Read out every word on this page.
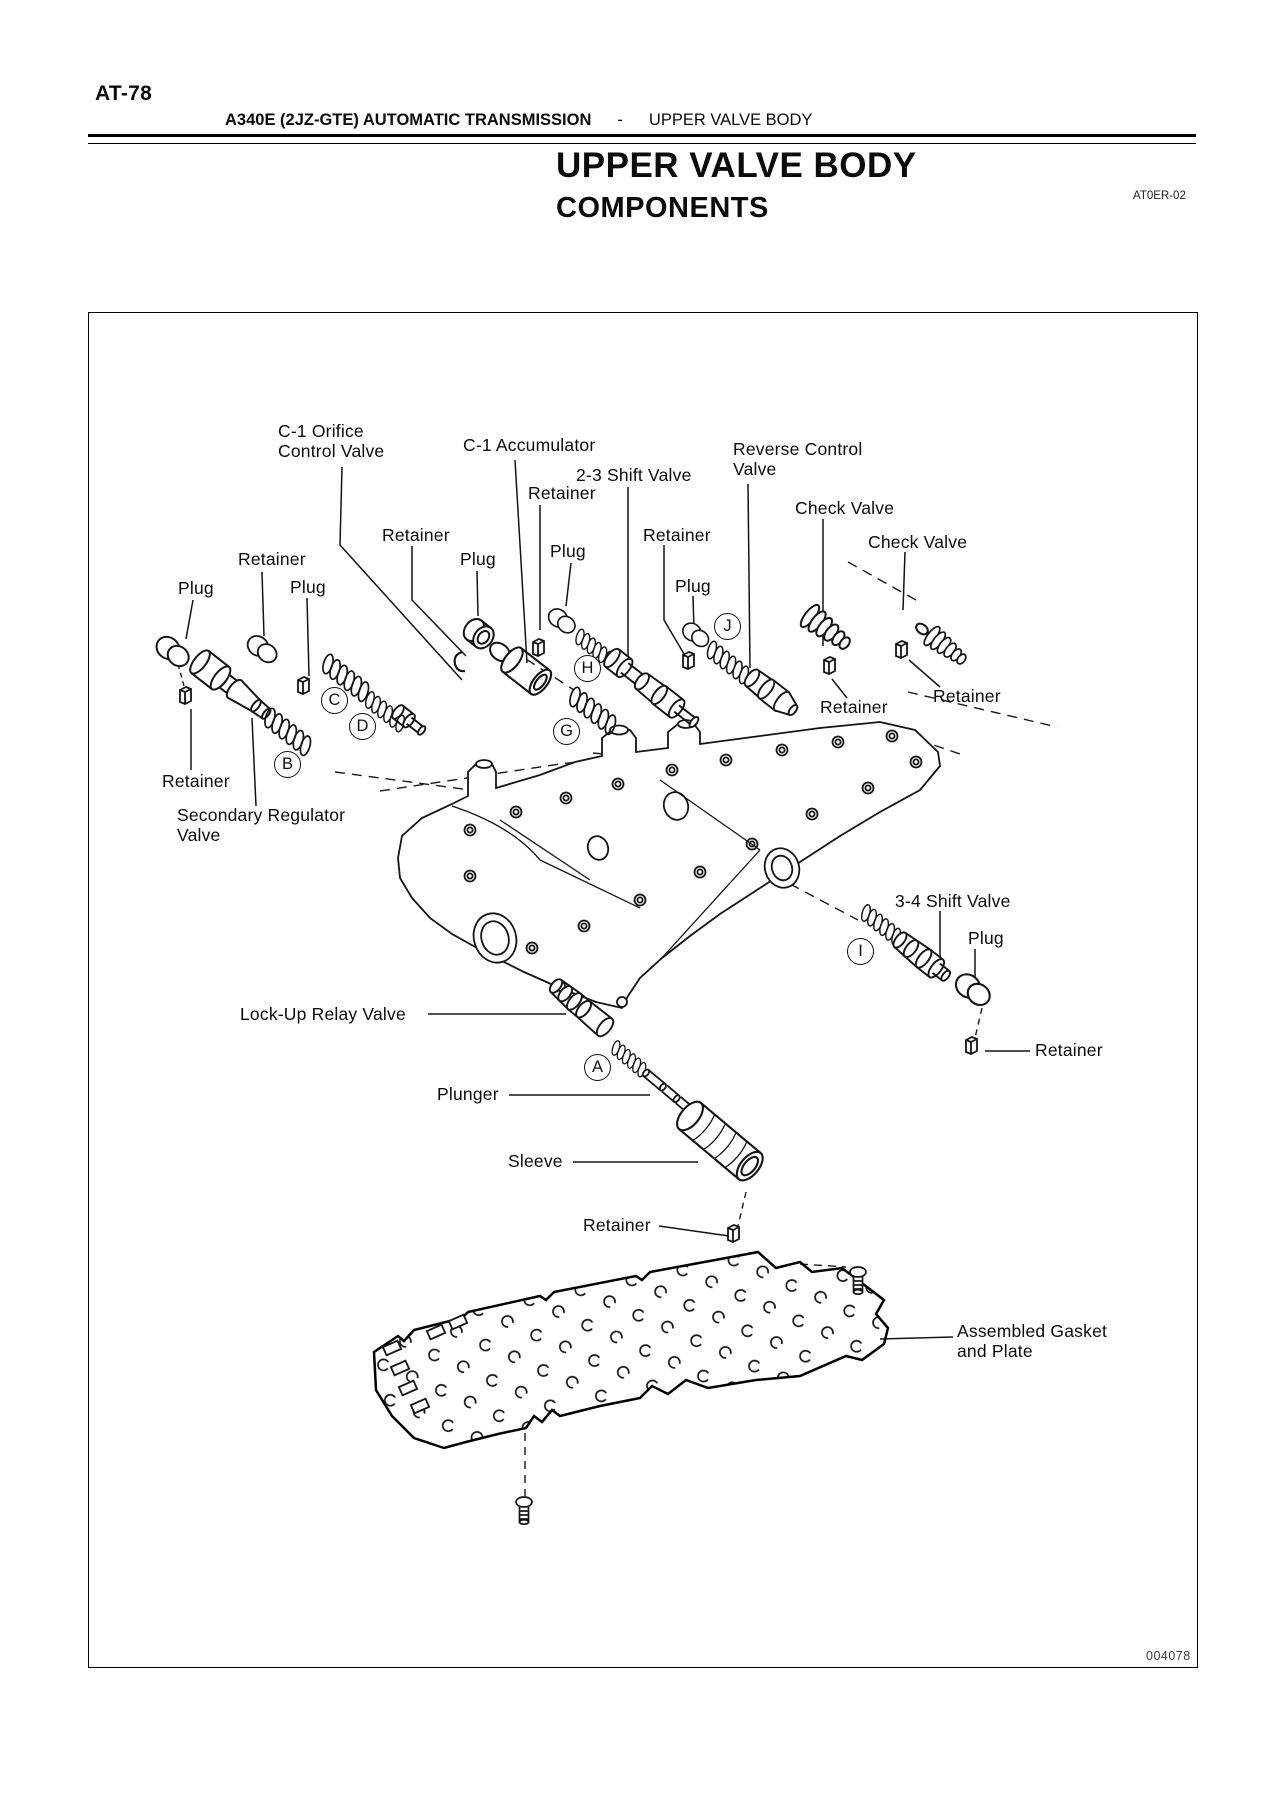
AT-78
A340E (2JZ-GTE) AUTOMATIC TRANSMISSION - UPPER VALVE BODY
UPPER VALVE BODY
COMPONENTS	AT0ER-02
C-1 Orifice
Control Valve	C-1 Accumulator
2-3 Shift Valve
Retainer
Reverse Control
Valve
Check Valve
Check Valve
Retainer
Plug	Plug
Retainer
Plug	Plug
Retainer
Plug
Retainer
Retainer
Retainer
Secondary Regulator
Valve
3-4 Shift Valve
Plug
Retainer
Lock-Up Relay Valve
Plunger
Sleeve
Retainer
Assembled Gasket
and Plate
A
B
C
D	G
H
I
J
004078
